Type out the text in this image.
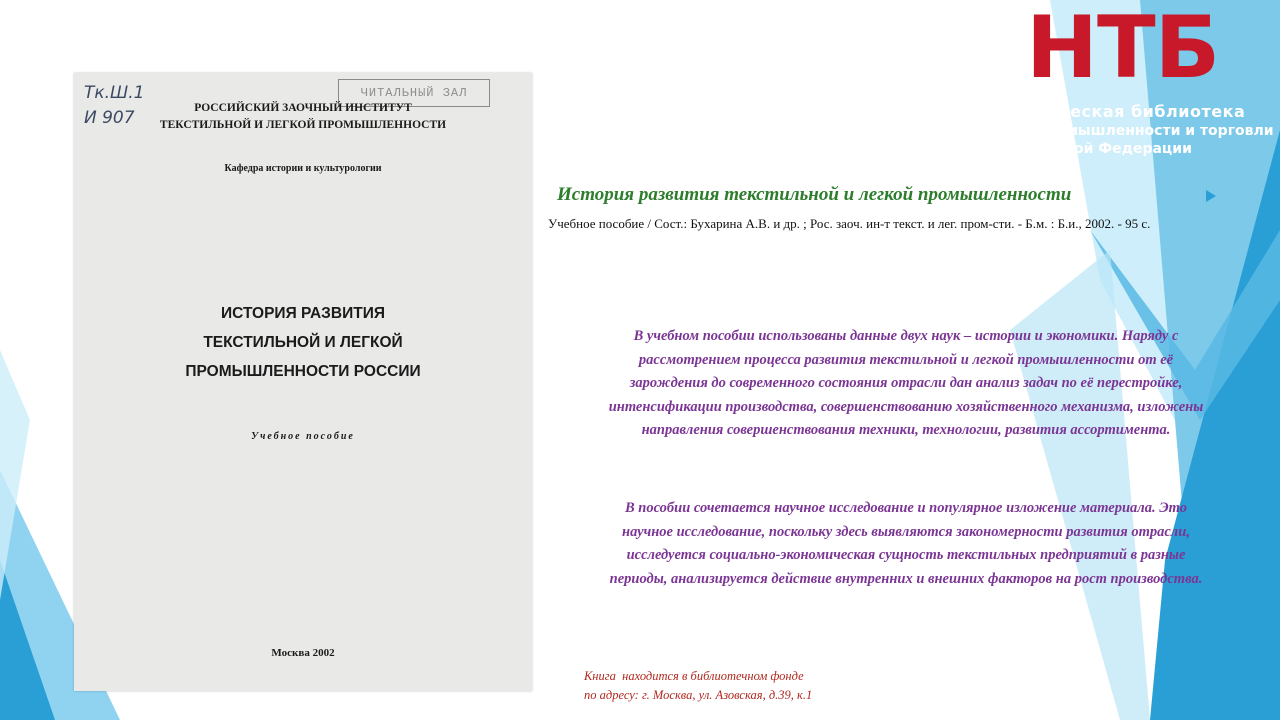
Тк.Ш.1
И 907
ЧИТАЛЬНЫЙ ЗАЛ
РОССИЙСКИЙ ЗАОЧНЫЙ ИНСТИТУТ
ТЕКСТИЛЬНОЙ И ЛЕГКОЙ ПРОМЫШЛЕННОСТИ
Кафедра истории и культурологии
ИСТОРИЯ РАЗВИТИЯ
ТЕКСТИЛЬНОЙ И ЛЕГКОЙ
ПРОМЫШЛЕННОСТИ РОССИИ
Учебное пособие
Москва 2002
НТБ
научно-техническая библиотека
Министерства промышленности и торговли
Российской Федерации
История развития текстильной и легкой промышленности
Учебное пособие / Сост.: Бухарина А.В. и др. ; Рос. заоч. ин-т текст. и лег. пром-сти. - Б.м. : Б.и., 2002. - 95 с.
В учебном пособии использованы данные двух наук – истории и экономики. Наряду с рассмотрением процесса развития текстильной и легкой промышленности от её зарождения до современного состояния отрасли дан анализ задач по её перестройке, интенсификации производства, совершенствованию хозяйственного механизма, изложены направления совершенствования техники, технологии, развития ассортимента.
В пособии сочетается научное исследование и популярное изложение материала. Это научное исследование, поскольку здесь выявляются закономерности развития отрасли, исследуется социально-экономическая сущность текстильных предприятий в разные периоды, анализируется действие внутренних и внешних факторов на рост производства.
Книга  находится в библиотечном фонде
по адресу: г. Москва, ул. Азовская, д.39, к.1
